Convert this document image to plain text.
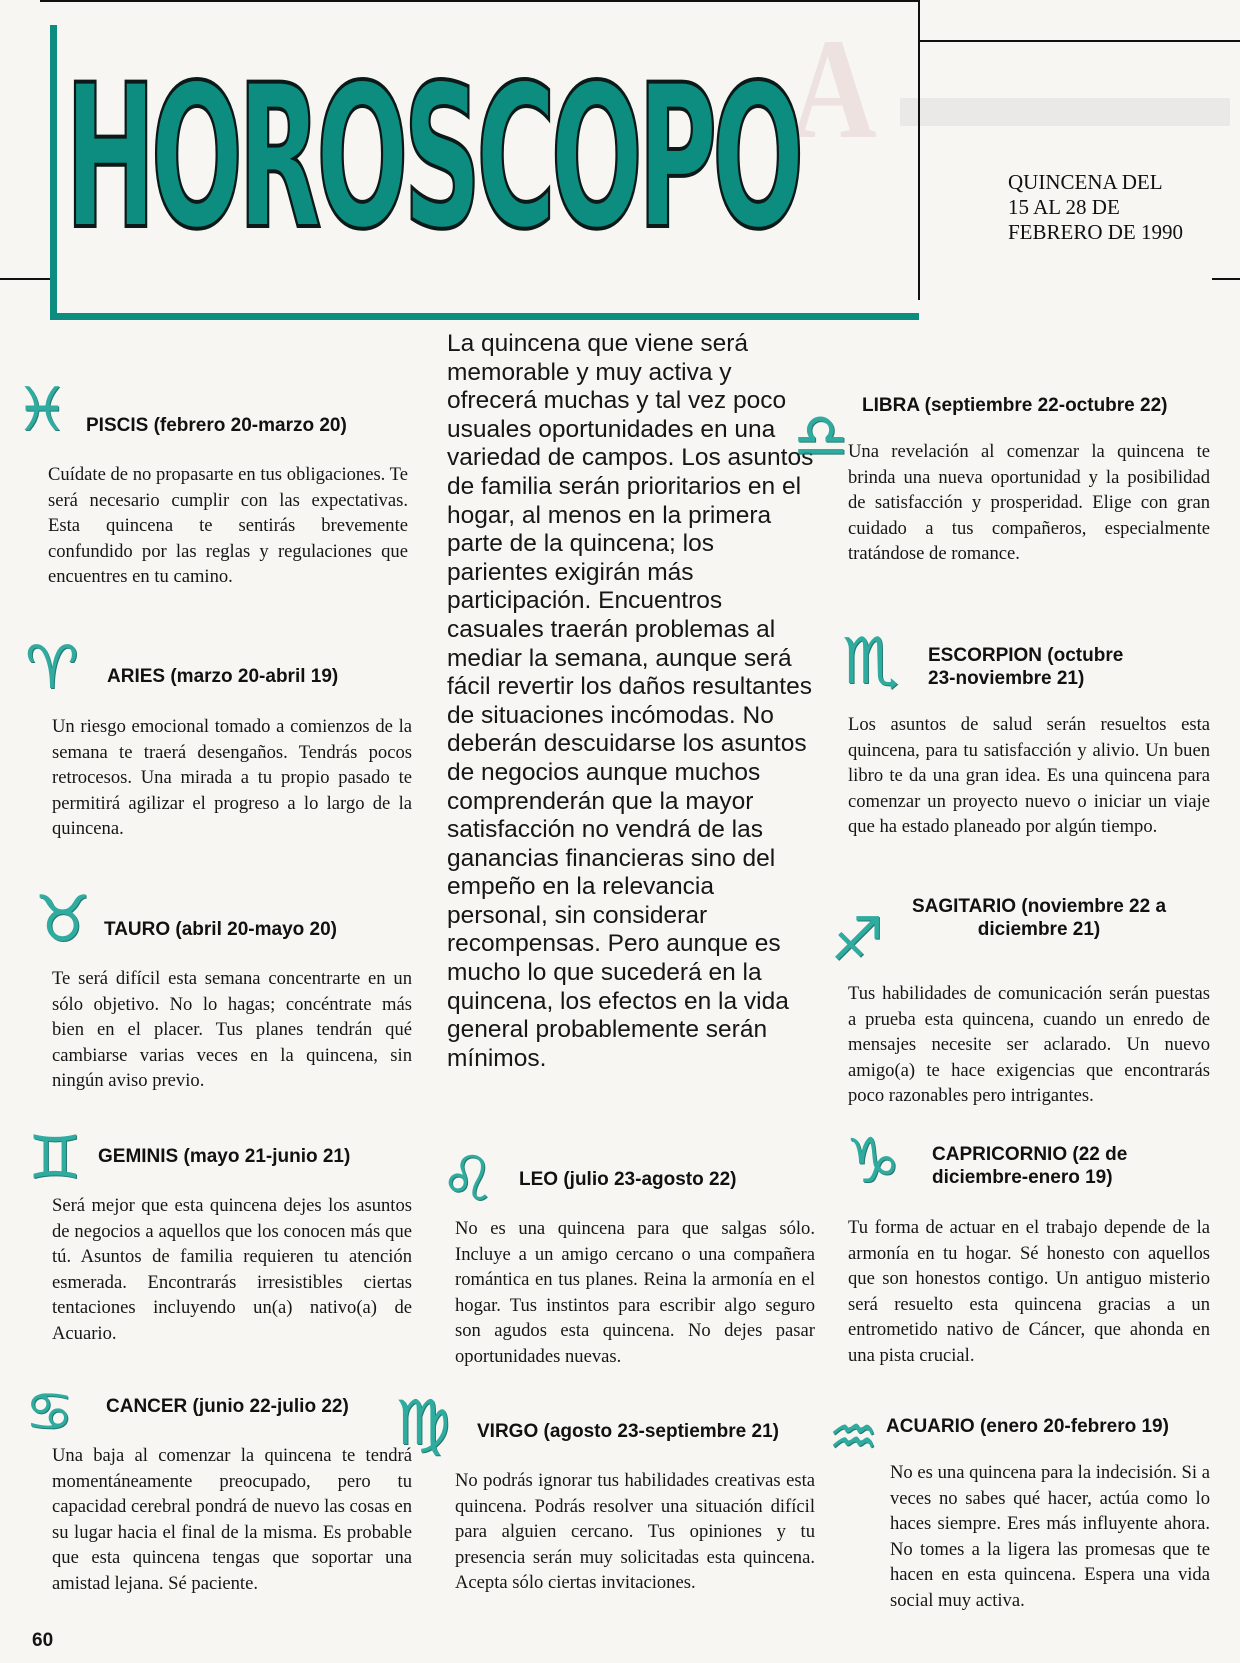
A
HOROSCOPO	QUINCENA DEL
15 AL 28 DE
FEBRERO DE 1990
La quincena que viene será memorable y muy activa y ofrecerá muchas y tal vez poco usuales oportunidades en una variedad de campos. Los asuntos de familia serán prioritarios en el hogar, al menos en la primera parte de la quincena; los parientes exigirán más participación. Encuentros casuales traerán problemas al mediar la semana, aunque será fácil revertir los daños resultantes de situaciones incómodas. No deberán descuidarse los asuntos de negocios aunque muchos comprenderán que la mayor satisfacción no vendrá de las ganancias financieras sino del empeño en la relevancia personal, sin considerar recompensas. Pero aunque es mucho lo que sucederá en la quincena, los efectos en la vida general probablemente serán mínimos.
♓ PISCIS (febrero 20-marzo 20)
Cuídate de no propasarte en tus obligaciones. Te será necesario cumplir con las expectativas. Esta quincena te sentirás brevemente confundido por las reglas y regulaciones que encuentres en tu camino.
♈	ARIES (marzo 20-abril 19)
Un riesgo emocional tomado a comienzos de la semana te traerá desengaños. Tendrás pocos retrocesos. Una mirada a tu propio pasado te permitirá agilizar el progreso a lo largo de la quincena.
♉ TAURO (abril 20-mayo 20)
Te será difícil esta semana concentrarte en un sólo objetivo. No lo hagas; concéntrate más bien en el placer. Tus planes tendrán qué cambiarse varias veces en la quincena, sin ningún aviso previo.
♊ GEMINIS (mayo 21-junio 21)
Será mejor que esta quincena dejes los asuntos de negocios a aquellos que los conocen más que tú. Asuntos de familia requieren tu atención esmerada. Encontrarás irresistibles ciertas tentaciones incluyendo un(a) nativo(a) de Acuario.
♋	CANCER (junio 22-julio 22)
Una baja al comenzar la quincena te tendrá momentáneamente preocupado, pero tu capacidad cerebral pondrá de nuevo las cosas en su lugar hacia el final de la misma. Es probable que esta quincena tengas que soportar una amistad lejana. Sé paciente.
♌	LEO (julio 23-agosto 22)
No es una quincena para que salgas sólo. Incluye a un amigo cercano o una compañera romántica en tus planes. Reina la armonía en el hogar. Tus instintos para escribir algo seguro son agudos esta quincena. No dejes pasar oportunidades nuevas.
♍	VIRGO (agosto 23-septiembre 21)
No podrás ignorar tus habilidades creativas esta quincena. Podrás resolver una situación difícil para alguien cercano. Tus opiniones y tu presencia serán muy solicitadas esta quincena. Acepta sólo ciertas invitaciones.
♎ LIBRA (septiembre 22-octubre 22)
Una revelación al comenzar la quincena te brinda una nueva oportunidad y la posibilidad de satisfacción y prosperidad. Elige con gran cuidado a tus compañeros, especialmente tratándose de romance.
♏ ESCORPION (octubre
23-noviembre 21)
Los asuntos de salud serán resueltos esta quincena, para tu satisfacción y alivio. Un buen libro te da una gran idea. Es una quincena para comenzar un proyecto nuevo o iniciar un viaje que ha estado planeado por algún tiempo.
♐	SAGITARIO (noviembre 22 a
diciembre 21)
Tus habilidades de comunicación serán puestas a prueba esta quincena, cuando un enredo de mensajes necesite ser aclarado. Un nuevo amigo(a) te hace exigencias que encontrarás poco razonables pero intrigantes.
♑ CAPRICORNIO (22 de
diciembre-enero 19)
Tu forma de actuar en el trabajo depende de la armonía en tu hogar. Sé honesto con aquellos que son honestos contigo. Un antiguo misterio será resuelto esta quincena gracias a un entrometido nativo de Cáncer, que ahonda en una pista crucial.
♒ ACUARIO (enero 20-febrero 19)
No es una quincena para la indecisión. Si a veces no sabes qué hacer, actúa como lo haces siempre. Eres más influyente ahora. No tomes a la ligera las promesas que te hacen en esta quincena. Espera una vida social muy activa.
60
